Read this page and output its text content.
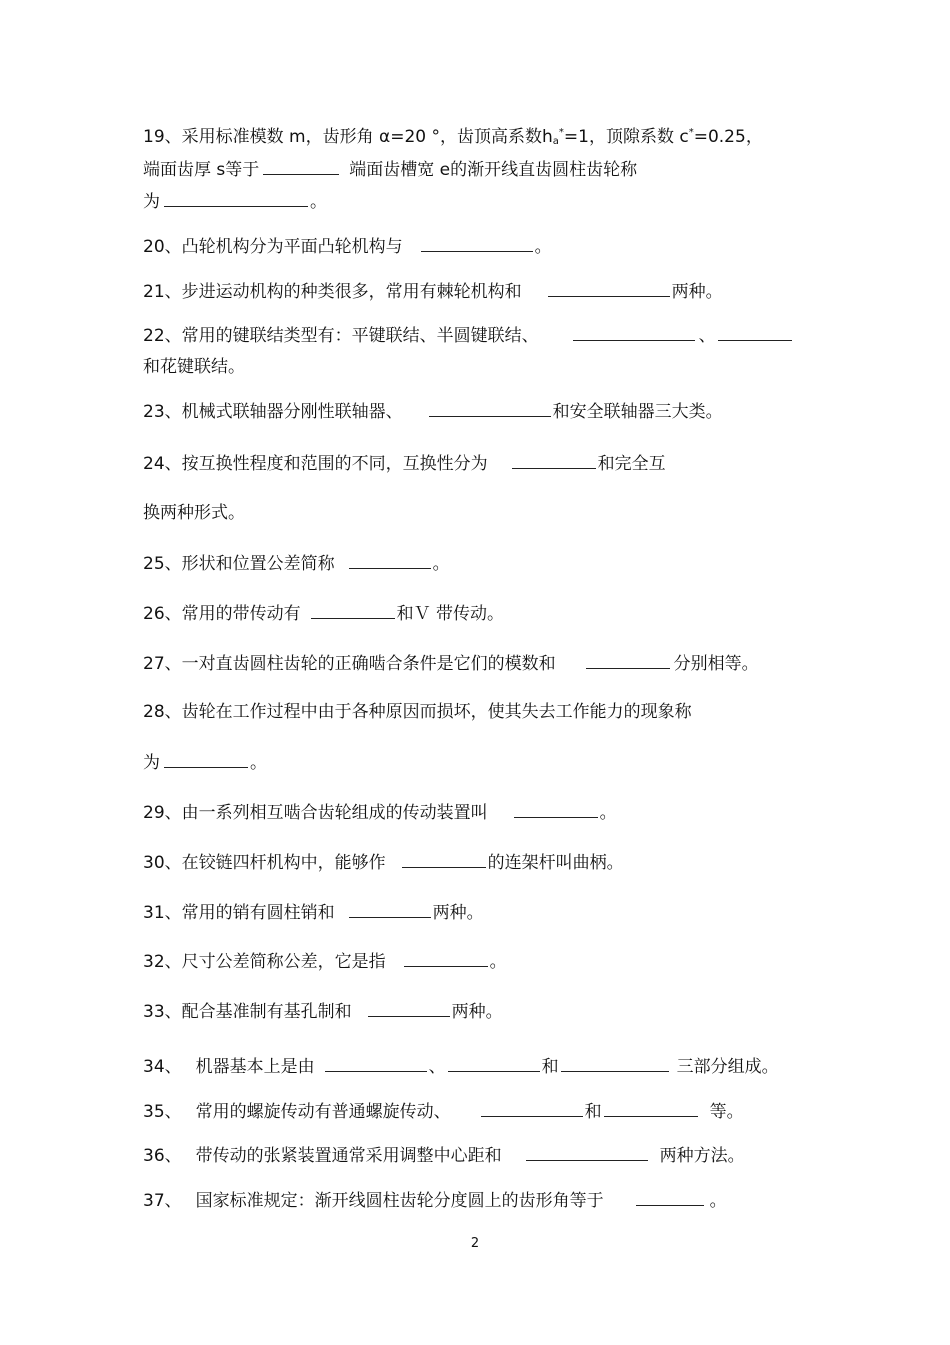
19、采用标准模数 m，齿形角 α=20 °，齿顶高系数ha*=1，顶隙系数 c*=0.25，
端面齿厚 s等于	端面齿槽宽 e的渐开线直齿圆柱齿轮称
为	。
20、凸轮机构分为平面凸轮机构与	。
21、步进运动机构的种类很多，常用有棘轮机构和	两种。
22、常用的键联结类型有：平键联结、半圆键联结、	、
和花键联结。
23、机械式联轴器分刚性联轴器、	和安全联轴器三大类。
24、按互换性程度和范围的不同，互换性分为	和完全互
换两种形式。
25、形状和位置公差简称	。
26、常用的带传动有	和Ｖ 带传动。
27、一对直齿圆柱齿轮的正确啮合条件是它们的模数和	分别相等。
28、齿轮在工作过程中由于各种原因而损坏，使其失去工作能力的现象称
为	。
29、由一系列相互啮合齿轮组成的传动装置叫	。
30、在铰链四杆机构中，能够作	的连架杆叫曲柄。
31、常用的销有圆柱销和	两种。
32、尺寸公差简称公差，它是指	。
33、配合基准制有基孔制和	两种。
34、 机器基本上是由	、	和	三部分组成。
35、 常用的螺旋传动有普通螺旋传动、	和	等。
36、 带传动的张紧装置通常采用调整中心距和	两种方法。
37、 国家标准规定：渐开线圆柱齿轮分度圆上的齿形角等于	。
2
